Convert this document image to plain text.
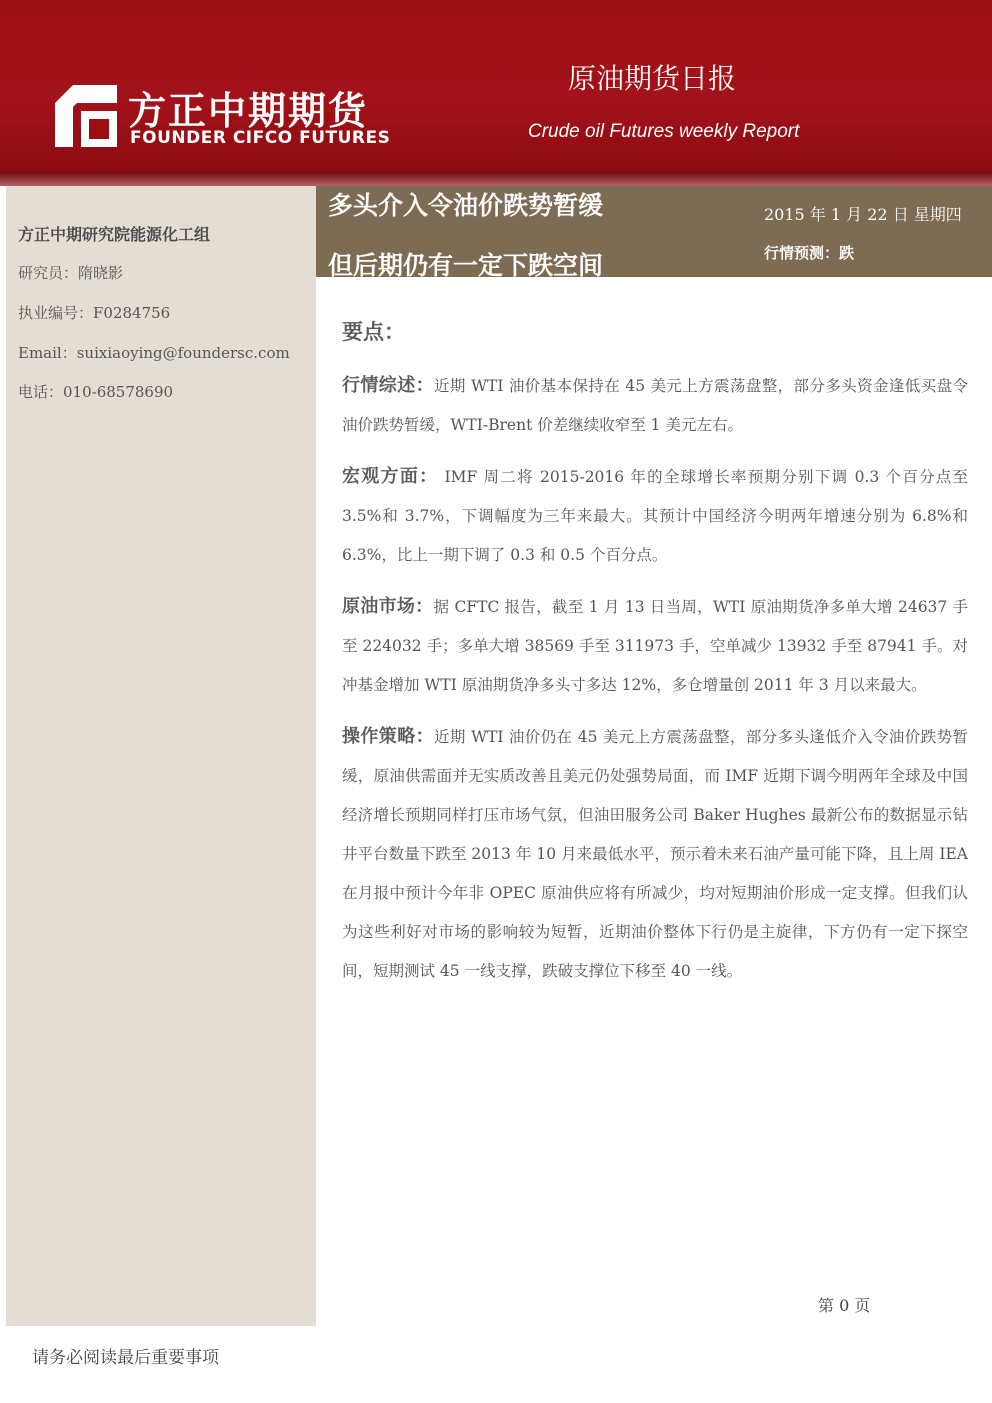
方正中期期货
FOUNDER CIFCO FUTURES
原油期货日报
Crude oil Futures weekly Report
方正中期研究院能源化工组
研究员：隋晓影
执业编号：F0284756
Email：suixiaoying@foundersc.com
电话：010-68578690
多头介入令油价跌势暂缓
但后期仍有一定下跌空间
2015 年 1 月 22 日 星期四
行情预测：跌
要点：

行情综述：近期 WTI 油价基本保持在 45 美元上方震荡盘整，部分多头资金逢低买盘令油价跌势暂缓，WTI-Brent 价差继续收窄至 1 美元左右。

宏观方面： IMF 周二将 2015-2016 年的全球增长率预期分别下调 0.3 个百分点至 3.5%和 3.7%，下调幅度为三年来最大。其预计中国经济今明两年增速分别为 6.8%和 6.3%，比上一期下调了 0.3 和 0.5 个百分点。

原油市场：据 CFTC 报告，截至 1 月 13 日当周，WTI 原油期货净多单大增 24637 手至 224032 手；多单大增 38569 手至 311973 手，空单减少 13932 手至 87941 手。对冲基金增加 WTI 原油期货净多头寸多达 12%，多仓增量创 2011 年 3 月以来最大。

操作策略：近期 WTI 油价仍在 45 美元上方震荡盘整，部分多头逢低介入令油价跌势暂缓，原油供需面并无实质改善且美元仍处强势局面，而 IMF 近期下调今明两年全球及中国经济增长预期同样打压市场气氛，但油田服务公司 Baker Hughes 最新公布的数据显示钻井平台数量下跌至 2013 年 10 月来最低水平，预示着未来石油产量可能下降，且上周 IEA 在月报中预计今年非 OPEC 原油供应将有所减少，均对短期油价形成一定支撑。但我们认为这些利好对市场的影响较为短暂，近期油价整体下行仍是主旋律，下方仍有一定下探空间，短期测试 45 一线支撑，跌破支撑位下移至 40 一线。

第 0 页
请务必阅读最后重要事项
